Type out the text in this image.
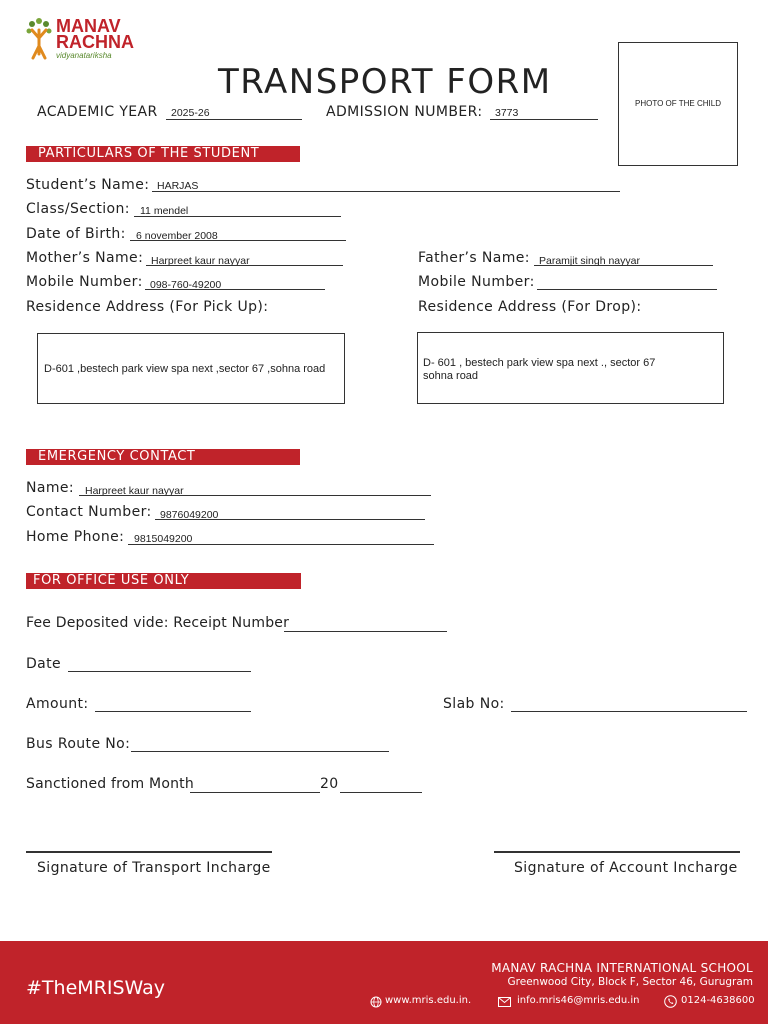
MANAV
RACHNA
vidyanatariksha
TRANSPORT FORM
PHOTO OF THE CHILD
ACADEMIC YEAR 2025-26	ADMISSION NUMBER: 3773
PARTICULARS OF THE STUDENT
Student’s Name: HARJAS
Class/Section: 11 mendel
Date of Birth: 6 november 2008
Mother’s Name: Harpreet kaur nayyar	Father’s Name: Paramjit singh nayyar
Mobile Number: 098-760-49200	Mobile Number:
Residence Address (For Pick Up):	Residence Address (For Drop):
D-601 ,bestech park view spa next ,sector 67 ,sohna road	D- 601 , bestech park view spa next ., sector 67 sohna road
EMERGENCY CONTACT
Name: Harpreet kaur nayyar
Contact Number: 9876049200
Home Phone: 9815049200
FOR OFFICE USE ONLY
Fee Deposited vide: Receipt Number
Date
Amount:	Slab No:
Bus Route No:
Sanctioned from Month	20
Signature of Transport Incharge	Signature of Account Incharge
#TheMRISWay
MANAV RACHNA INTERNATIONAL SCHOOL
Greenwood City, Block F, Sector 46, Gurugram
www.mris.edu.in.	info.mris46@mris.edu.in	0124-4638600
